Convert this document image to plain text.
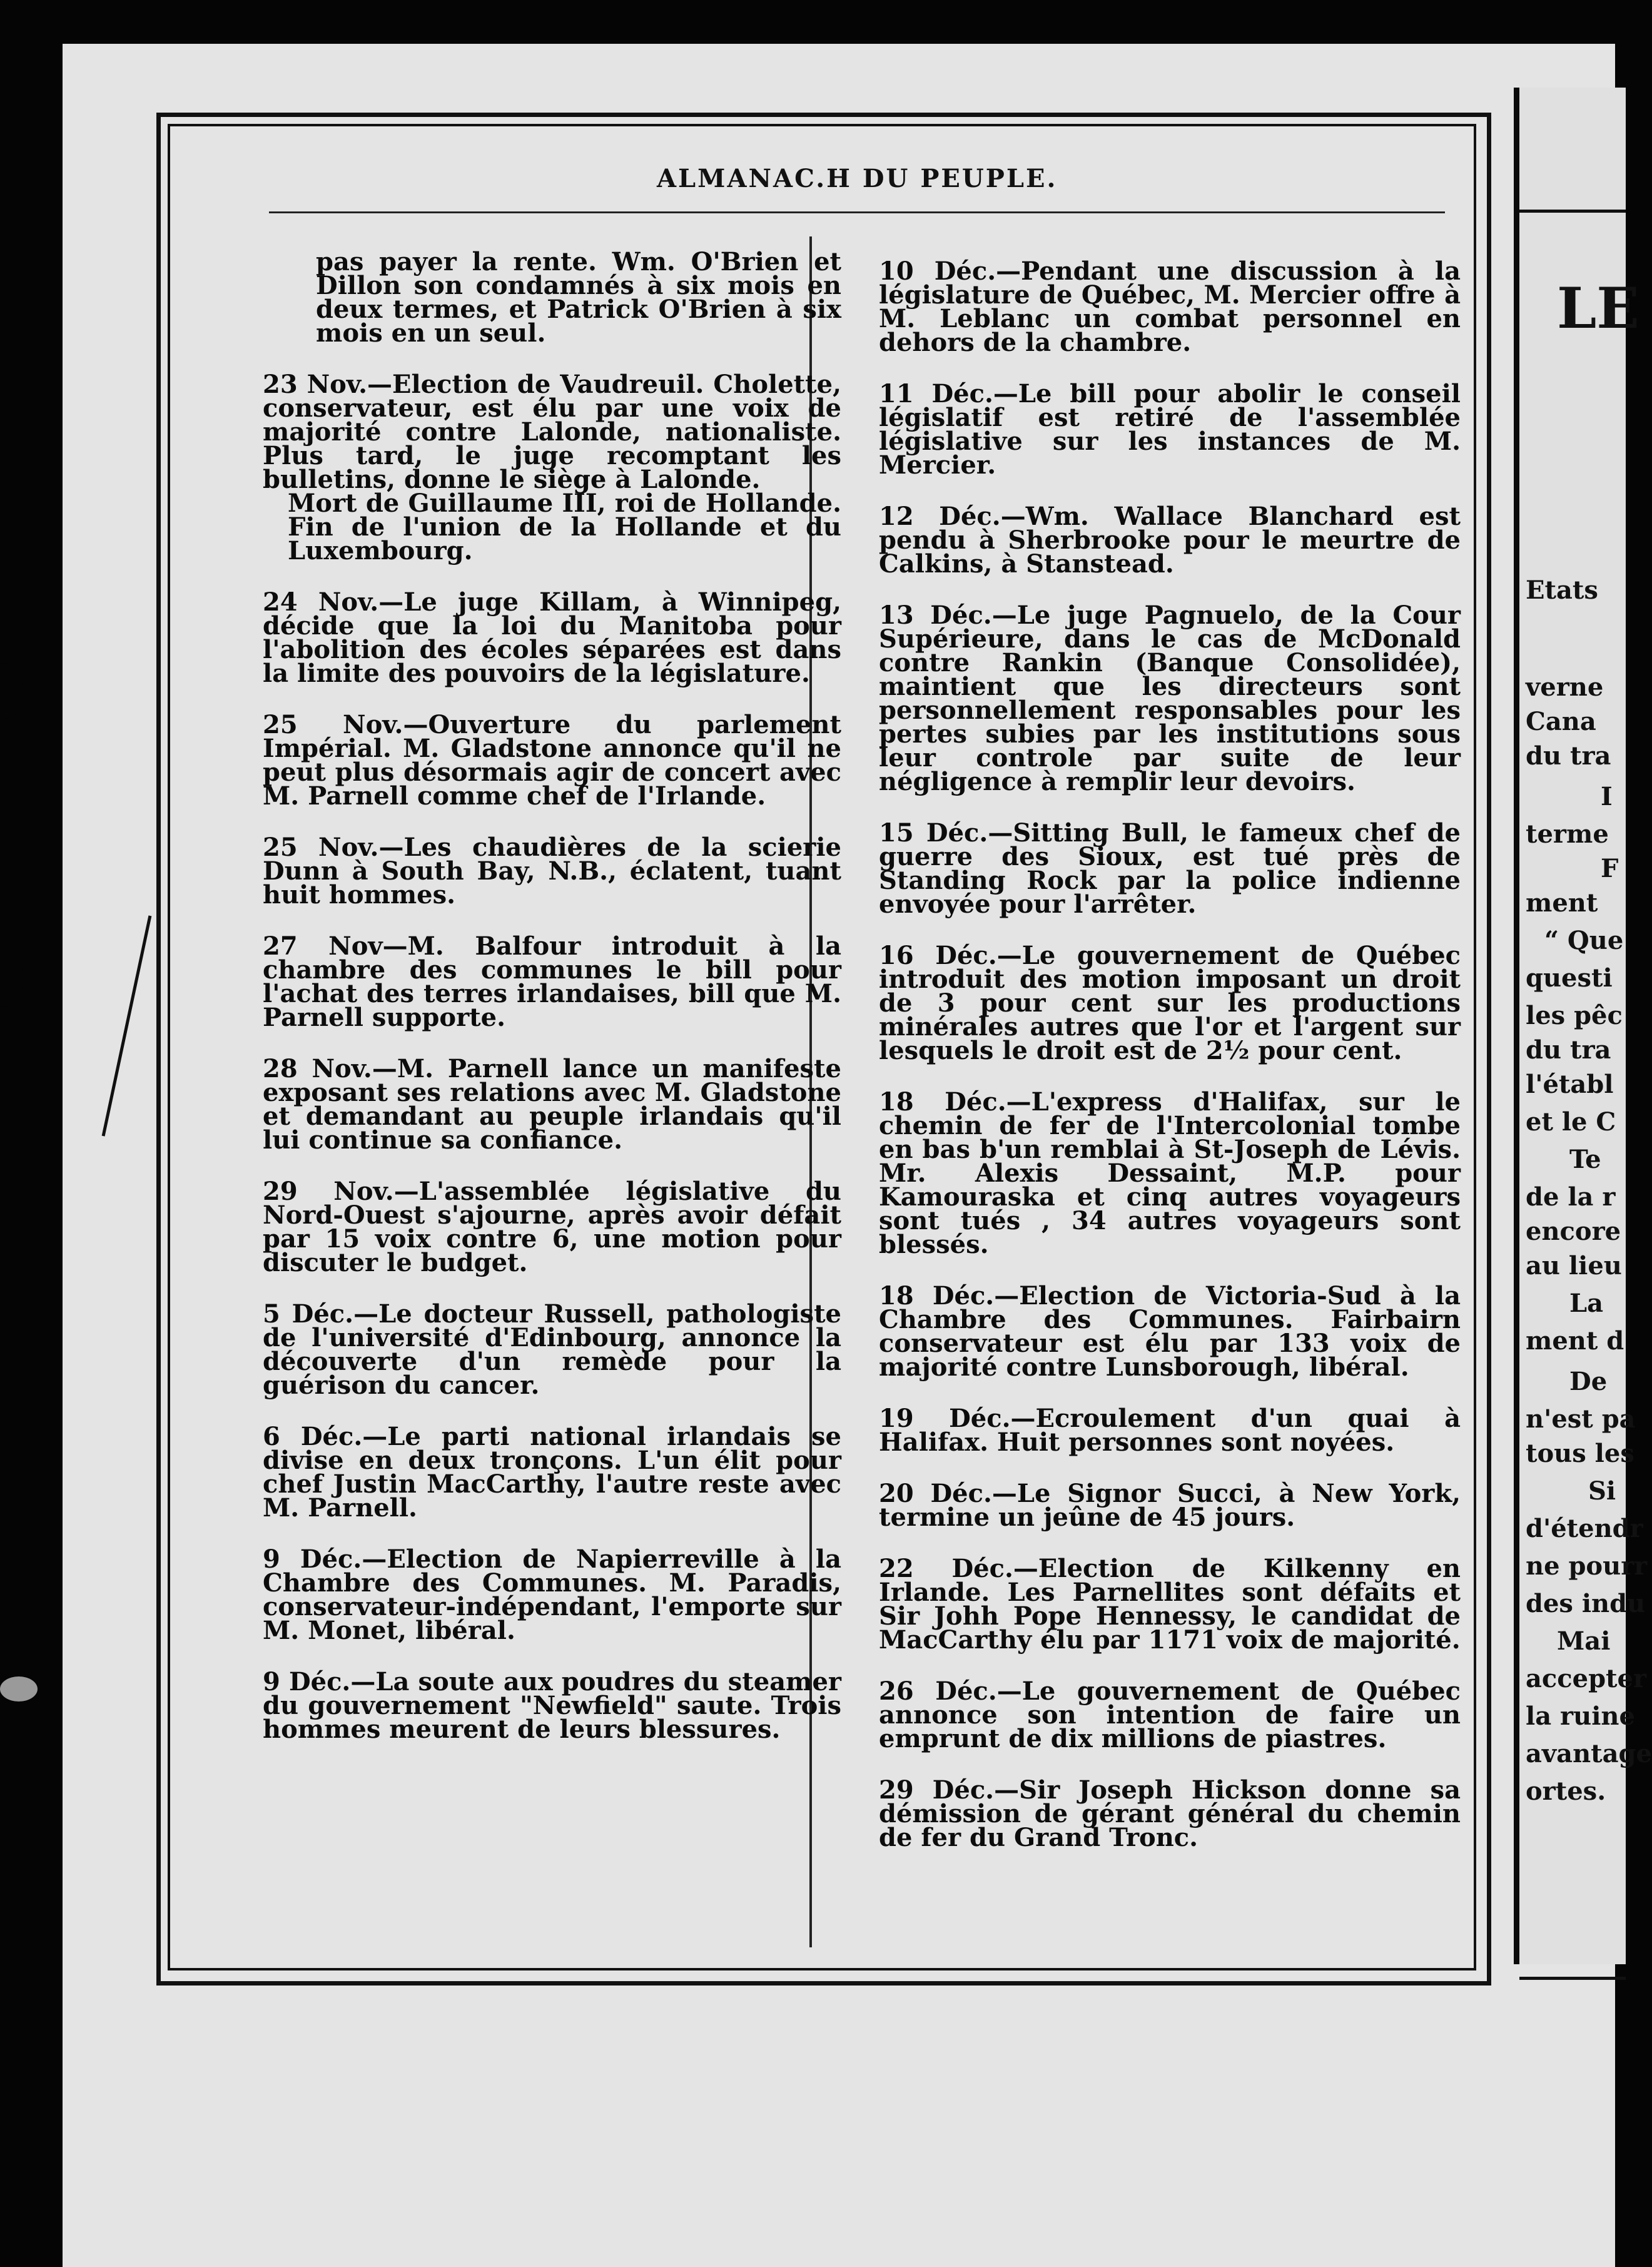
ALMANAC.H DU PEUPLE.

pas payer la rente. Wm. O'Brien et Dillon son condamnés à six mois en deux termes, et Patrick O'Brien à six mois en un seul.

23 Nov.—Election de Vaudreuil. Cholette, conservateur, est élu par une voix de majorité contre Lalonde, nationaliste. Plus tard, le juge recomptant les bulletins, donne le siège à Lalonde.

Mort de Guillaume III, roi de Hollande. Fin de l'union de la Hollande et du Luxembourg.

24 Nov.—Le juge Killam, à Winnipeg, décide que la loi du Manitoba pour l'abolition des écoles séparées est dans la limite des pouvoirs de la législature.

25 Nov.—Ouverture du parlement Impérial. M. Gladstone annonce qu'il ne peut plus désormais agir de concert avec M. Parnell comme chef de l'Irlande.

25 Nov.—Les chaudières de la scierie Dunn à South Bay, N.B., éclatent, tuant huit hommes.

27 Nov—M. Balfour introduit à la chambre des communes le bill pour l'achat des terres irlandaises, bill que M. Parnell supporte.

28 Nov.—M. Parnell lance un manifeste exposant ses relations avec M. Gladstone et demandant au peuple irlandais qu'il lui continue sa confiance.

29 Nov.—L'assemblée législative du Nord-Ouest s'ajourne, après avoir défait par 15 voix contre 6, une motion pour discuter le budget.

5 Déc.—Le docteur Russell, pathologiste de l'université d'Edinbourg, annonce la découverte d'un remède pour la guérison du cancer.

6 Déc.—Le parti national irlandais se divise en deux tronçons. L'un élit pour chef Justin MacCarthy, l'autre reste avec M. Parnell.

9 Déc.—Election de Napierreville à la Chambre des Communes. M. Paradis, conservateur-indépendant, l'emporte sur M. Monet, libéral.

9 Déc.—La soute aux poudres du steamer du gouvernement "Newfield" saute. Trois hommes meurent de leurs blessures.

10 Déc.—Pendant une discussion à la législature de Québec, M. Mercier offre à M. Leblanc un combat personnel en dehors de la chambre.

11 Déc.—Le bill pour abolir le conseil législatif est retiré de l'assemblée législative sur les instances de M. Mercier.

12 Déc.—Wm. Wallace Blanchard est pendu à Sherbrooke pour le meurtre de Calkins, à Stanstead.

13 Déc.—Le juge Pagnuelo, de la Cour Supérieure, dans le cas de McDonald contre Rankin (Banque Consolidée), maintient que les directeurs sont personnellement responsables pour les pertes subies par les institutions sous leur controle par suite de leur négligence à remplir leur devoirs.

15 Déc.—Sitting Bull, le fameux chef de guerre des Sioux, est tué près de Standing Rock par la police indienne envoyée pour l'arrêter.

16 Déc.—Le gouvernement de Québec introduit des motion imposant un droit de 3 pour cent sur les productions minérales autres que l'or et l'argent sur lesquels le droit est de 2½ pour cent.

18 Déc.—L'express d'Halifax, sur le chemin de fer de l'Intercolonial tombe en bas b'un remblai à St-Joseph de Lévis. Mr. Alexis Dessaint, M.P. pour Kamouraska et cinq autres voyageurs sont tués , 34 autres voyageurs sont blessés.

18 Déc.—Election de Victoria-Sud à la Chambre des Communes. Fairbairn conservateur est élu par 133 voix de majorité contre Lunsborough, libéral.

19 Déc.—Ecroulement d'un quai à Halifax. Huit personnes sont noyées.

20 Déc.—Le Signor Succi, à New York, termine un jeûne de 45 jours.

22 Déc.—Election de Kilkenny en Irlande. Les Parnellites sont défaits et Sir Johh Pope Hennessy, le candidat de MacCarthy élu par 1171 voix de majorité.

26 Déc.—Le gouvernement de Québec annonce son intention de faire un emprunt de dix millions de piastres.

29 Déc.—Sir Joseph Hickson donne sa démission de gérant général du chemin de fer du Grand Tronc.

LE
Etats
verne
Cana
du tra
I
terme
F
ment
“ Que
questi
les pêc
du tra
l'établ
et le C
Te
de la r
encore
au lieu
La
ment d
De
n'est pa
tous les
Si
d'étendr
ne pourr
des indu
Mai
accepter
la ruine
avantage
ortes.
